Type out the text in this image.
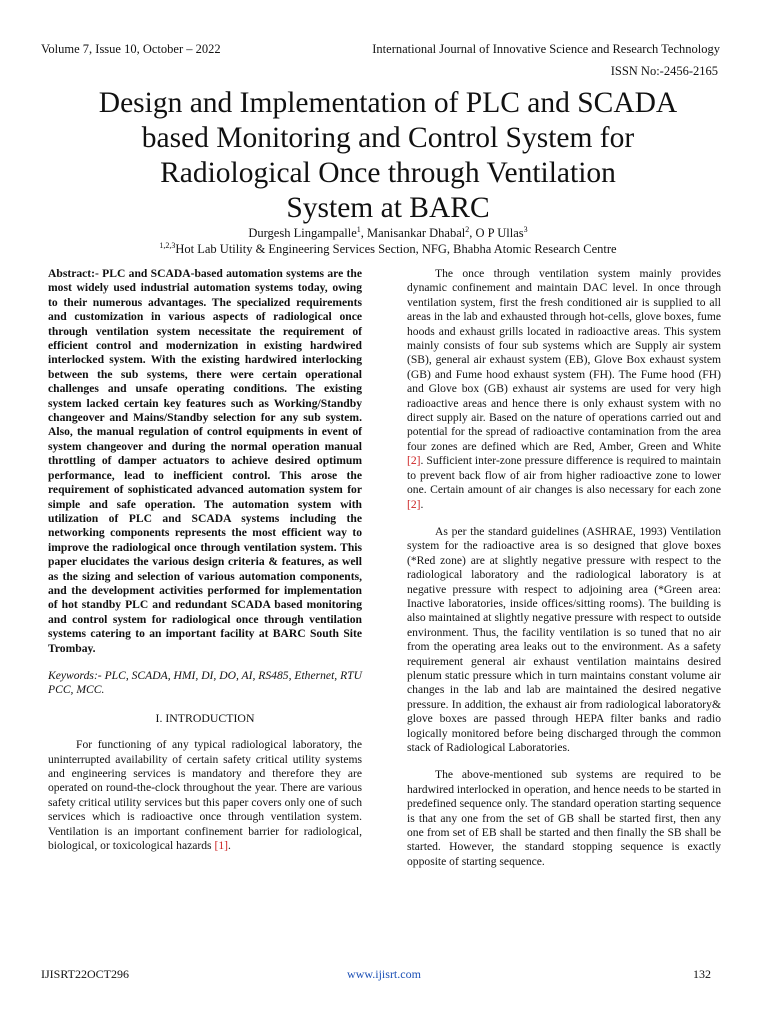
Volume 7, Issue 10, October – 2022	International Journal of Innovative Science and Research Technology
ISSN No:-2456-2165
Design and Implementation of PLC and SCADA
based Monitoring and Control System for
Radiological Once through Ventilation
System at BARC
Durgesh Lingampalle$^1$, Manisankar Dhabal$^2$, O P Ullas$^3$
$^{1,2,3}$Hot Lab Utility & Engineering Services Section, NFG, Bhabha Atomic Research Centre

Abstract:- PLC and SCADA-based automation systems are the most widely used industrial automation systems today, owing to their numerous advantages. The specialized requirements and customization in various aspects of radiological once through ventilation system necessitate the requirement of efficient control and modernization in existing hardwired interlocked system. With the existing hardwired interlocking between the sub systems, there were certain operational challenges and unsafe operating conditions. The existing system lacked certain key features such as Working/Standby changeover and Mains/Standby selection for any sub system. Also, the manual regulation of control equipments in event of system changeover and during the normal operation manual throttling of damper actuators to achieve desired optimum performance, lead to inefficient control. This arose the requirement of sophisticated advanced automation system for simple and safe operation. The automation system with utilization of PLC and SCADA systems including the networking components represents the most efficient way to improve the radiological once through ventilation system. This paper elucidates the various design criteria & features, as well as the sizing and selection of various automation components, and the development activities performed for implementation of hot standby PLC and redundant SCADA based monitoring and control system for radiological once through ventilation systems catering to an important facility at BARC South Site Trombay.

Keywords:- PLC, SCADA, HMI, DI, DO, AI, RS485, Ethernet, RTU PCC, MCC.

I. INTRODUCTION

For functioning of any typical radiological laboratory, the uninterrupted availability of certain safety critical utility systems and engineering services is mandatory and therefore they are operated on round-the-clock throughout the year. There are various safety critical utility services but this paper covers only one of such services which is radioactive once through ventilation system. Ventilation is an important confinement barrier for radiological, biological, or toxicological hazards [1].

The once through ventilation system mainly provides dynamic confinement and maintain DAC level. In once through ventilation system, first the fresh conditioned air is supplied to all areas in the lab and exhausted through hot-cells, glove boxes, fume hoods and exhaust grills located in radioactive areas. This system mainly consists of four sub systems which are Supply air system (SB), general air exhaust system (EB), Glove Box exhaust system (GB) and Fume hood exhaust system (FH). The Fume hood (FH) and Glove box (GB) exhaust air systems are used for very high radioactive areas and hence there is only exhaust system with no direct supply air. Based on the nature of operations carried out and potential for the spread of radioactive contamination from the area four zones are defined which are Red, Amber, Green and White [2]. Sufficient inter-zone pressure difference is required to maintain to prevent back flow of air from higher radioactive zone to lower one. Certain amount of air changes is also necessary for each zone [2].

As per the standard guidelines (ASHRAE, 1993) Ventilation system for the radioactive area is so designed that glove boxes (*Red zone) are at slightly negative pressure with respect to the radiological laboratory and the radiological laboratory is at negative pressure with respect to adjoining area (*Green area: Inactive laboratories, inside offices/sitting rooms). The building is also maintained at slightly negative pressure with respect to outside environment. Thus, the facility ventilation is so tuned that no air from the operating area leaks out to the environment. As a safety requirement general air exhaust ventilation maintains desired plenum static pressure which in turn maintains constant volume air changes in the lab and lab are maintained the desired negative pressure. In addition, the exhaust air from radiological laboratory& glove boxes are passed through HEPA filter banks and radio logically monitored before being discharged through the common stack of Radiological Laboratories.

The above-mentioned sub systems are required to be hardwired interlocked in operation, and hence needs to be started in predefined sequence only. The standard operation starting sequence is that any one from the set of GB shall be started first, then any one from set of EB shall be started and then finally the SB shall be started. However, the standard stopping sequence is exactly opposite of starting sequence.

IJISRT22OCT296	www.ijisrt.com	132
